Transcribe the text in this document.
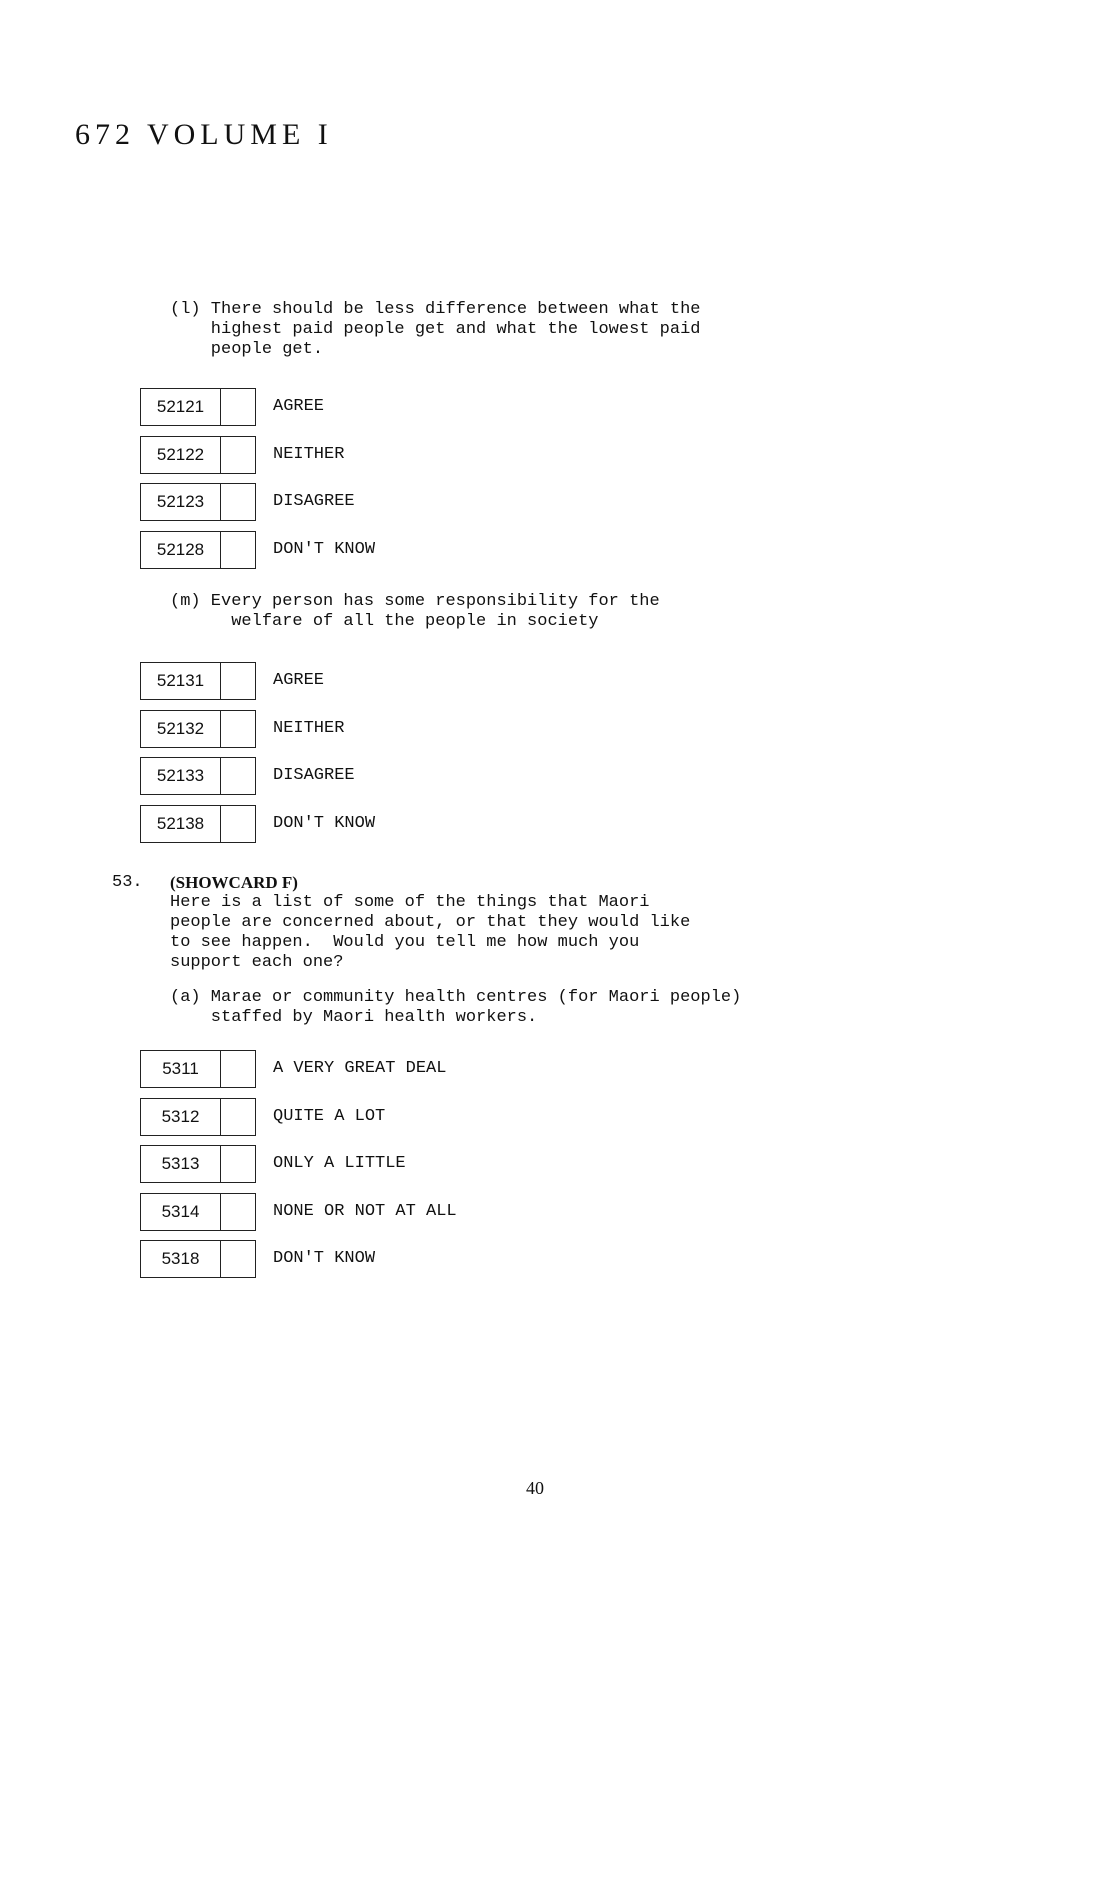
672 VOLUME I
(l) There should be less difference between what the
highest paid people get and what the lowest paid
people get.
52121	AGREE
52122	NEITHER
52123	DISAGREE
52128	DON'T KNOW
(m) Every person has some responsibility for the
welfare of all the people in society
52131	AGREE
52132	NEITHER
52133	DISAGREE
52138	DON'T KNOW
53. (SHOWCARD F)
Here is a list of some of the things that Maori
people are concerned about, or that they would like
to see happen.  Would you tell me how much you
support each one?
(a) Marae or community health centres (for Maori people)
staffed by Maori health workers.
5311	A VERY GREAT DEAL
5312	QUITE A LOT
5313	ONLY A LITTLE
5314	NONE OR NOT AT ALL
5318	DON'T KNOW
40
